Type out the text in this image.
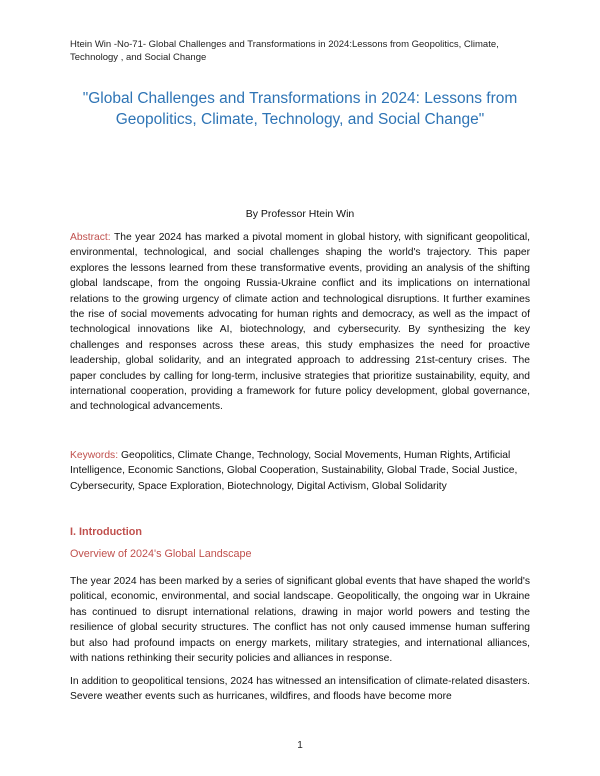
Htein Win -No-71- Global Challenges and Transformations in 2024:Lessons from Geopolitics, Climate, Technology , and Social Change
"Global Challenges and Transformations in 2024: Lessons from Geopolitics, Climate, Technology, and Social Change"
By Professor Htein Win
Abstract: The year 2024 has marked a pivotal moment in global history, with significant geopolitical, environmental, technological, and social challenges shaping the world's trajectory. This paper explores the lessons learned from these transformative events, providing an analysis of the shifting global landscape, from the ongoing Russia-Ukraine conflict and its implications on international relations to the growing urgency of climate action and technological disruptions. It further examines the rise of social movements advocating for human rights and democracy, as well as the impact of technological innovations like AI, biotechnology, and cybersecurity. By synthesizing the key challenges and responses across these areas, this study emphasizes the need for proactive leadership, global solidarity, and an integrated approach to addressing 21st-century crises. The paper concludes by calling for long-term, inclusive strategies that prioritize sustainability, equity, and international cooperation, providing a framework for future policy development, global governance, and technological advancements.
Keywords: Geopolitics, Climate Change, Technology, Social Movements, Human Rights, Artificial Intelligence, Economic Sanctions, Global Cooperation, Sustainability, Global Trade, Social Justice, Cybersecurity, Space Exploration, Biotechnology, Digital Activism, Global Solidarity
I. Introduction
Overview of 2024's Global Landscape
The year 2024 has been marked by a series of significant global events that have shaped the world's political, economic, environmental, and social landscape. Geopolitically, the ongoing war in Ukraine has continued to disrupt international relations, drawing in major world powers and testing the resilience of global security structures. The conflict has not only caused immense human suffering but also had profound impacts on energy markets, military strategies, and international alliances, with nations rethinking their security policies and alliances in response.
In addition to geopolitical tensions, 2024 has witnessed an intensification of climate-related disasters. Severe weather events such as hurricanes, wildfires, and floods have become more
1
